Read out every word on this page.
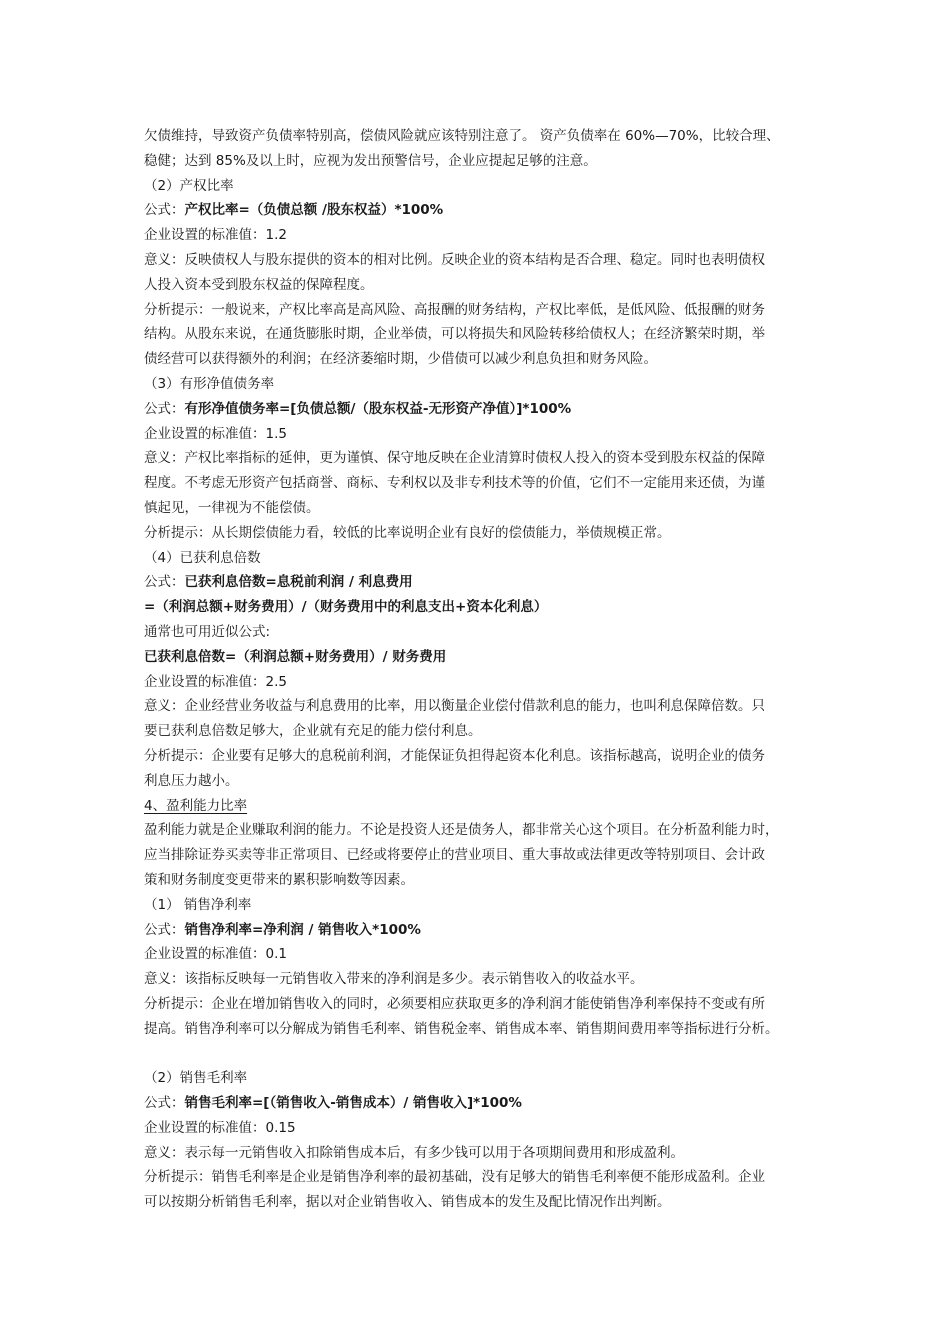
欠债维持，导致资产负债率特别高，偿债风险就应该特别注意了。 资产负债率在 60%—70%，比较合理、
稳健；达到 85%及以上时，应视为发出预警信号，企业应提起足够的注意。
（2）产权比率
公式：产权比率=（负债总额 /股东权益）*100%
企业设置的标准值：1.2
意义：反映债权人与股东提供的资本的相对比例。反映企业的资本结构是否合理、稳定。同时也表明债权
人投入资本受到股东权益的保障程度。
分析提示：一般说来，产权比率高是高风险、高报酬的财务结构，产权比率低，是低风险、低报酬的财务
结构。从股东来说，在通货膨胀时期，企业举债，可以将损失和风险转移给债权人；在经济繁荣时期，举
债经营可以获得额外的利润；在经济萎缩时期，少借债可以减少利息负担和财务风险。
（3）有形净值债务率
公式：有形净值债务率=[负债总额/（股东权益-无形资产净值）]*100%
企业设置的标准值：1.5
意义：产权比率指标的延伸，更为谨慎、保守地反映在企业清算时债权人投入的资本受到股东权益的保障
程度。不考虑无形资产包括商誉、商标、专利权以及非专利技术等的价值，它们不一定能用来还债，为谨
慎起见，一律视为不能偿债。
分析提示：从长期偿债能力看，较低的比率说明企业有良好的偿债能力，举债规模正常。
（4）已获利息倍数
公式：已获利息倍数=息税前利润 / 利息费用
=（利润总额+财务费用）/（财务费用中的利息支出+资本化利息）
通常也可用近似公式:
已获利息倍数=（利润总额+财务费用）/ 财务费用
企业设置的标准值：2.5
意义：企业经营业务收益与利息费用的比率，用以衡量企业偿付借款利息的能力，也叫利息保障倍数。只
要已获利息倍数足够大，企业就有充足的能力偿付利息。
分析提示：企业要有足够大的息税前利润，才能保证负担得起资本化利息。该指标越高，说明企业的债务
利息压力越小。
4、盈利能力比率
盈利能力就是企业赚取利润的能力。不论是投资人还是债务人，都非常关心这个项目。在分析盈利能力时，
应当排除证券买卖等非正常项目、已经或将要停止的营业项目、重大事故或法律更改等特别项目、会计政
策和财务制度变更带来的累积影响数等因素。
（1） 销售净利率
公式：销售净利率=净利润 / 销售收入*100%
企业设置的标准值：0.1
意义：该指标反映每一元销售收入带来的净利润是多少。表示销售收入的收益水平。
分析提示：企业在增加销售收入的同时，必须要相应获取更多的净利润才能使销售净利率保持不变或有所
提高。销售净利率可以分解成为销售毛利率、销售税金率、销售成本率、销售期间费用率等指标进行分析。
（2）销售毛利率
公式：销售毛利率=[（销售收入-销售成本）/ 销售收入]*100%
企业设置的标准值：0.15
意义：表示每一元销售收入扣除销售成本后，有多少钱可以用于各项期间费用和形成盈利。
分析提示：销售毛利率是企业是销售净利率的最初基础，没有足够大的销售毛利率便不能形成盈利。企业
可以按期分析销售毛利率，据以对企业销售收入、销售成本的发生及配比情况作出判断。
